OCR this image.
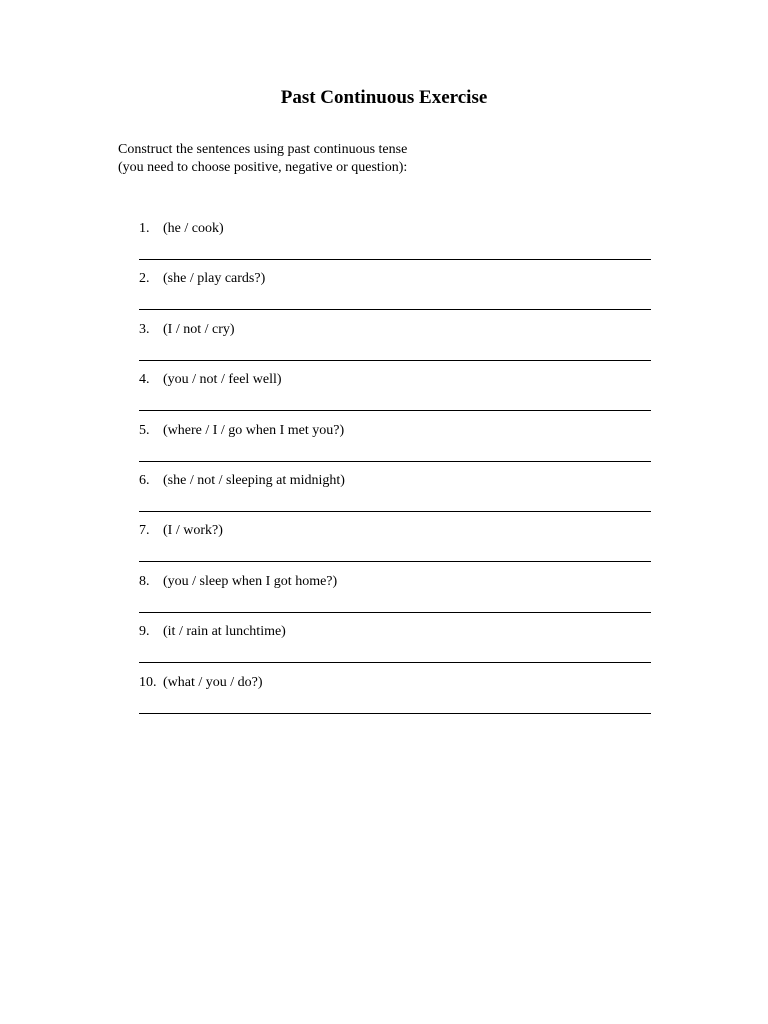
Past Continuous Exercise
Construct the sentences using past continuous tense
(you need to choose positive, negative or question):
1. (he / cook)
2. (she / play cards?)
3. (I / not / cry)
4. (you / not / feel well)
5. (where / I / go when I met you?)
6. (she / not / sleeping at midnight)
7. (I / work?)
8. (you / sleep when I got home?)
9. (it / rain at lunchtime)
10. (what / you / do?)
